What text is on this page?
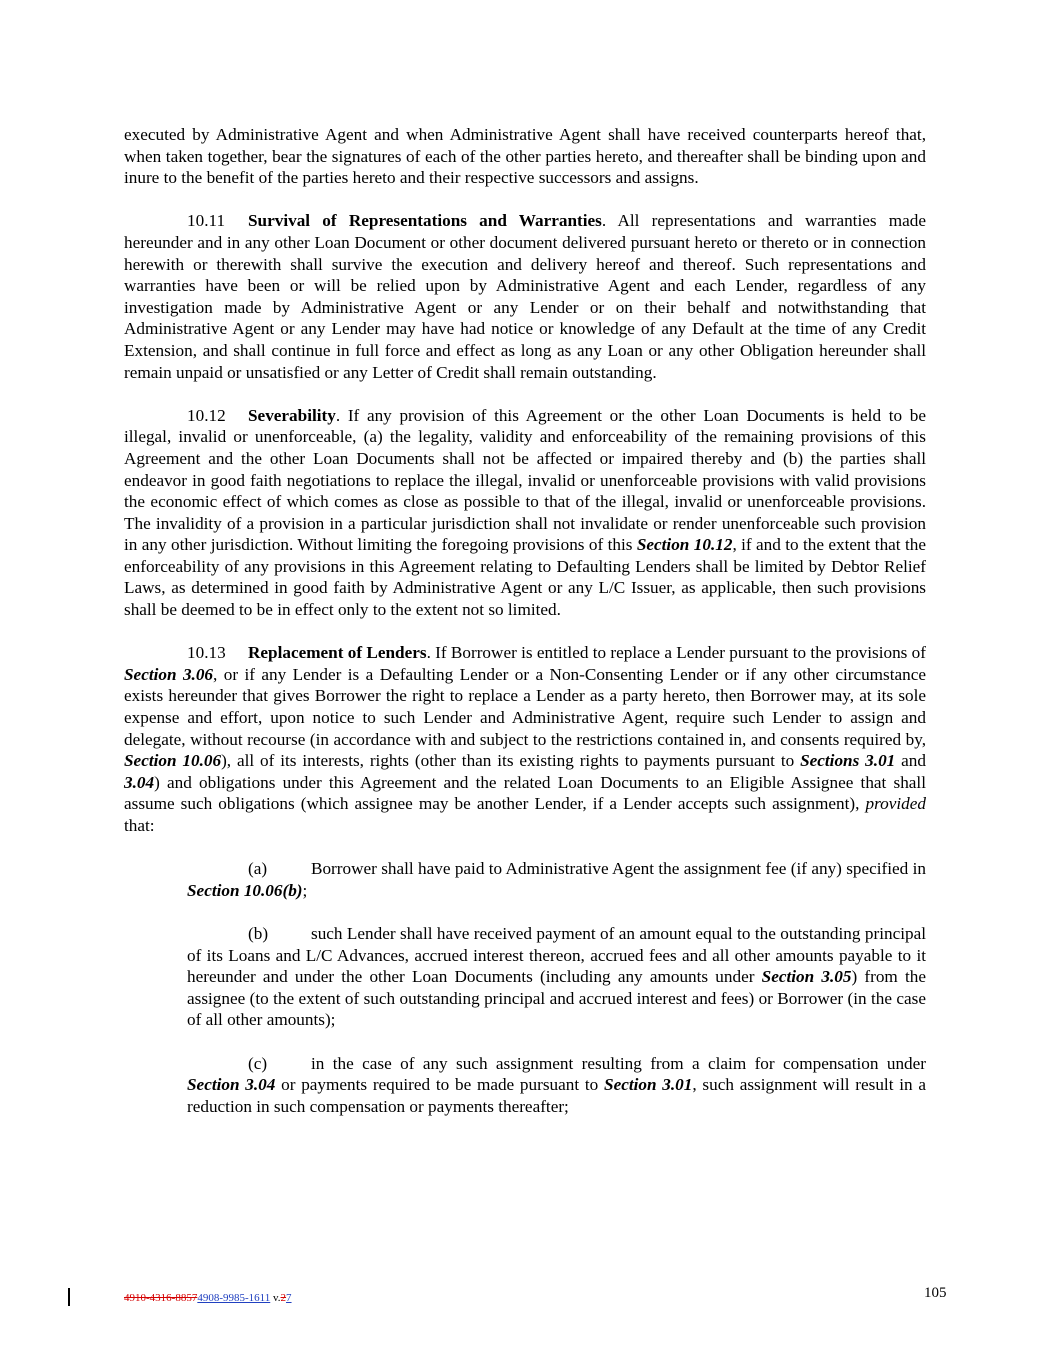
executed by Administrative Agent and when Administrative Agent shall have received counterparts hereof that, when taken together, bear the signatures of each of the other parties hereto, and thereafter shall be binding upon and inure to the benefit of the parties hereto and their respective successors and assigns.

10.11 Survival of Representations and Warranties. All representations and warranties made hereunder and in any other Loan Document or other document delivered pursuant hereto or thereto or in connection herewith or therewith shall survive the execution and delivery hereof and thereof. Such representations and warranties have been or will be relied upon by Administrative Agent and each Lender, regardless of any investigation made by Administrative Agent or any Lender or on their behalf and notwithstanding that Administrative Agent or any Lender may have had notice or knowledge of any Default at the time of any Credit Extension, and shall continue in full force and effect as long as any Loan or any other Obligation hereunder shall remain unpaid or unsatisfied or any Letter of Credit shall remain outstanding.

10.12 Severability. If any provision of this Agreement or the other Loan Documents is held to be illegal, invalid or unenforceable, (a) the legality, validity and enforceability of the remaining provisions of this Agreement and the other Loan Documents shall not be affected or impaired thereby and (b) the parties shall endeavor in good faith negotiations to replace the illegal, invalid or unenforceable provisions with valid provisions the economic effect of which comes as close as possible to that of the illegal, invalid or unenforceable provisions. The invalidity of a provision in a particular jurisdiction shall not invalidate or render unenforceable such provision in any other jurisdiction. Without limiting the foregoing provisions of this Section 10.12, if and to the extent that the enforceability of any provisions in this Agreement relating to Defaulting Lenders shall be limited by Debtor Relief Laws, as determined in good faith by Administrative Agent or any L/C Issuer, as applicable, then such provisions shall be deemed to be in effect only to the extent not so limited.

10.13 Replacement of Lenders. If Borrower is entitled to replace a Lender pursuant to the provisions of Section 3.06, or if any Lender is a Defaulting Lender or a Non-Consenting Lender or if any other circumstance exists hereunder that gives Borrower the right to replace a Lender as a party hereto, then Borrower may, at its sole expense and effort, upon notice to such Lender and Administrative Agent, require such Lender to assign and delegate, without recourse (in accordance with and subject to the restrictions contained in, and consents required by, Section 10.06), all of its interests, rights (other than its existing rights to payments pursuant to Sections 3.01 and 3.04) and obligations under this Agreement and the related Loan Documents to an Eligible Assignee that shall assume such obligations (which assignee may be another Lender, if a Lender accepts such assignment), provided that:

(a)	Borrower shall have paid to Administrative Agent the assignment fee (if any) specified in Section 10.06(b);

(b) such Lender shall have received payment of an amount equal to the outstanding principal of its Loans and L/C Advances, accrued interest thereon, accrued fees and all other amounts payable to it hereunder and under the other Loan Documents (including any amounts under Section 3.05) from the assignee (to the extent of such outstanding principal and accrued interest and fees) or Borrower (in the case of all other amounts);

(c)	in the case of any such assignment resulting from a claim for compensation under Section 3.04 or payments required to be made pursuant to Section 3.01, such assignment will result in a reduction in such compensation or payments thereafter;

4910-4316-88574908-9985-1611 v.27	105
